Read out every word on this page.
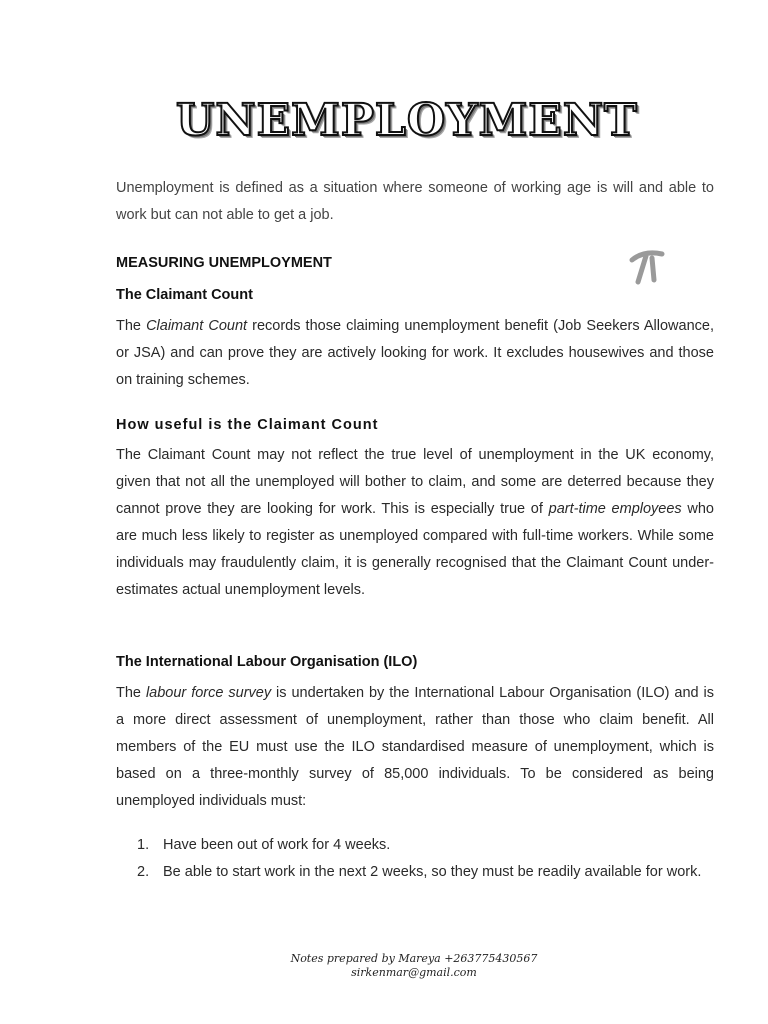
UNEMPLOYMENT
Unemployment is defined as a situation where someone of working age is will and able to work but can not able to get a job.
MEASURING UNEMPLOYMENT
The Claimant Count

The Claimant Count records those claiming unemployment benefit (Job Seekers Allowance, or JSA) and can prove they are actively looking for work. It excludes housewives and those on training schemes.

How useful is the Claimant Count

The Claimant Count may not reflect the true level of unemployment in the UK economy, given that not all the unemployed will bother to claim, and some are deterred because they cannot prove they are looking for work. This is especially true of part-time employees who are much less likely to register as unemployed compared with full-time workers. While some individuals may fraudulently claim, it is generally recognised that the Claimant Count under-estimates actual unemployment levels.

The International Labour Organisation (ILO)

The labour force survey is undertaken by the International Labour Organisation (ILO) and is a more direct assessment of unemployment, rather than those who claim benefit. All members of the EU must use the ILO standardised measure of unemployment, which is based on a three-monthly survey of 85,000 individuals. To be considered as being unemployed individuals must:

1. Have been out of work for 4 weeks.
2. Be able to start work in the next 2 weeks, so they must be readily available for work.
Notes prepared by Mareya +263775430567
sirkenmar@gmail.com
